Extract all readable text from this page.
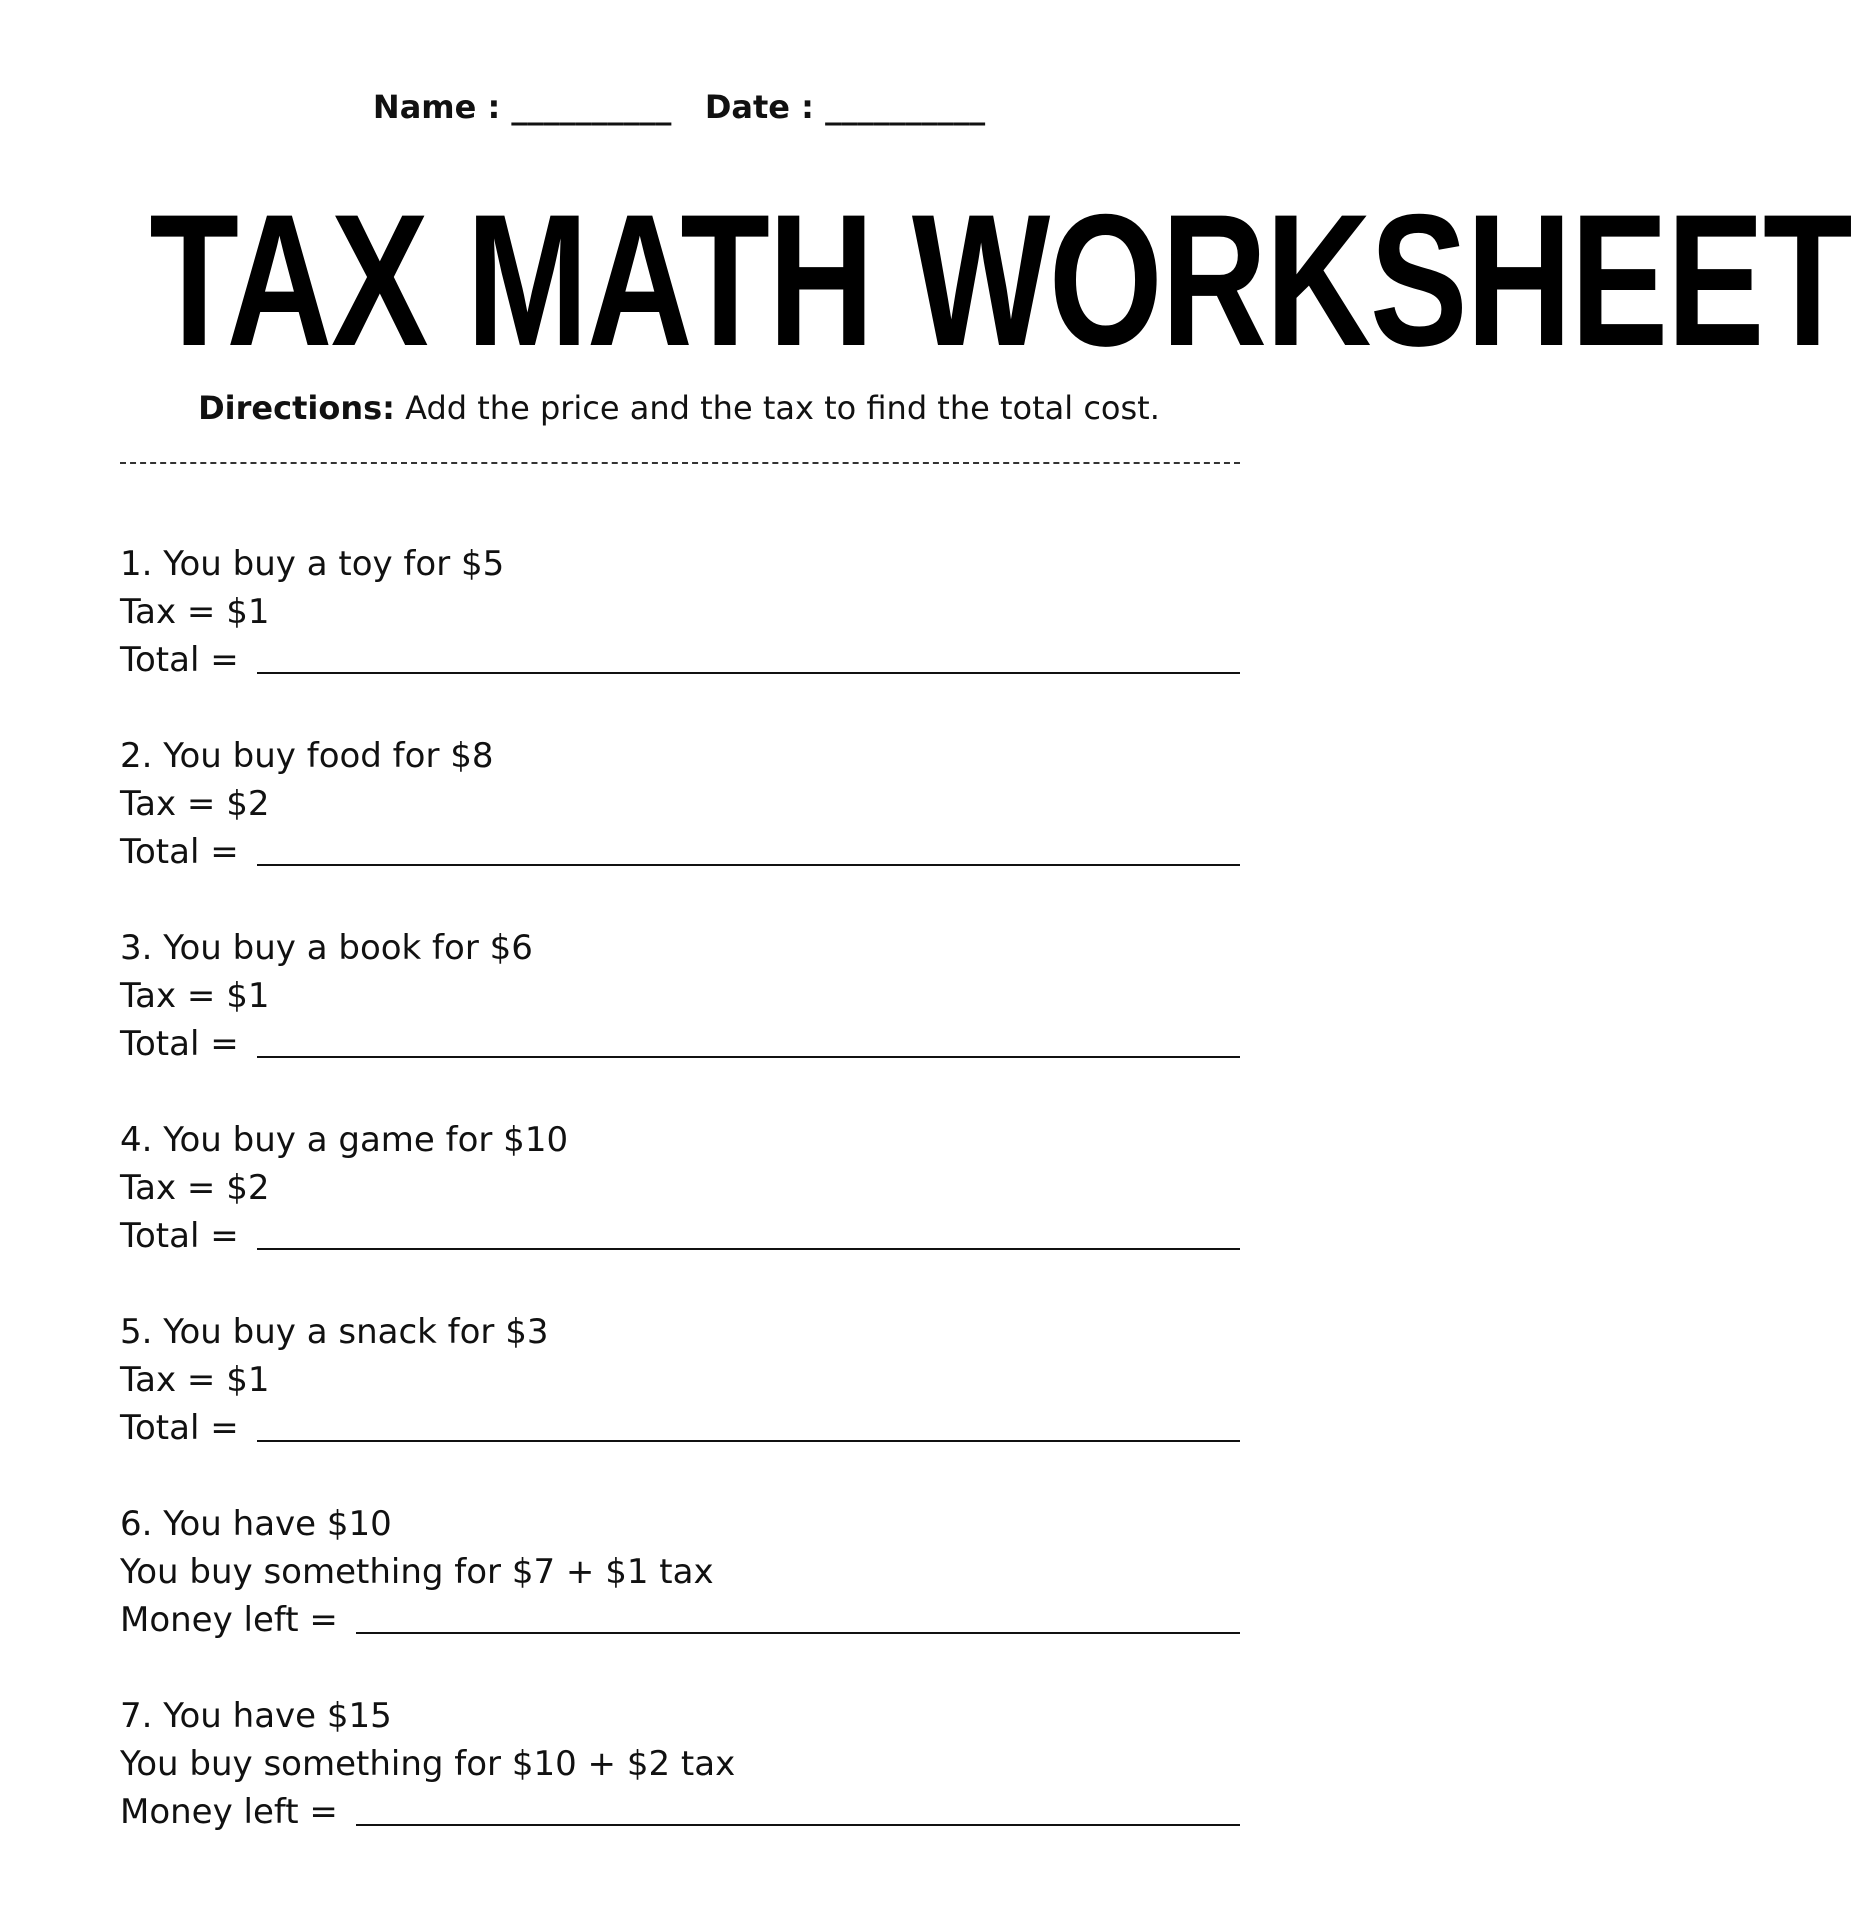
Name : __________ Date : __________
TAX MATH WORKSHEET
Directions: Add the price and the tax to find the total cost.
1. You buy a toy for $5
Tax = $1
Total =
2. You buy food for $8
Tax = $2
Total =
3. You buy a book for $6
Tax = $1
Total =
4. You buy a game for $10
Tax = $2
Total =
5. You buy a snack for $3
Tax = $1
Total =
6. You have $10
You buy something for $7 + $1 tax
Money left =
7. You have $15
You buy something for $10 + $2 tax
Money left =
